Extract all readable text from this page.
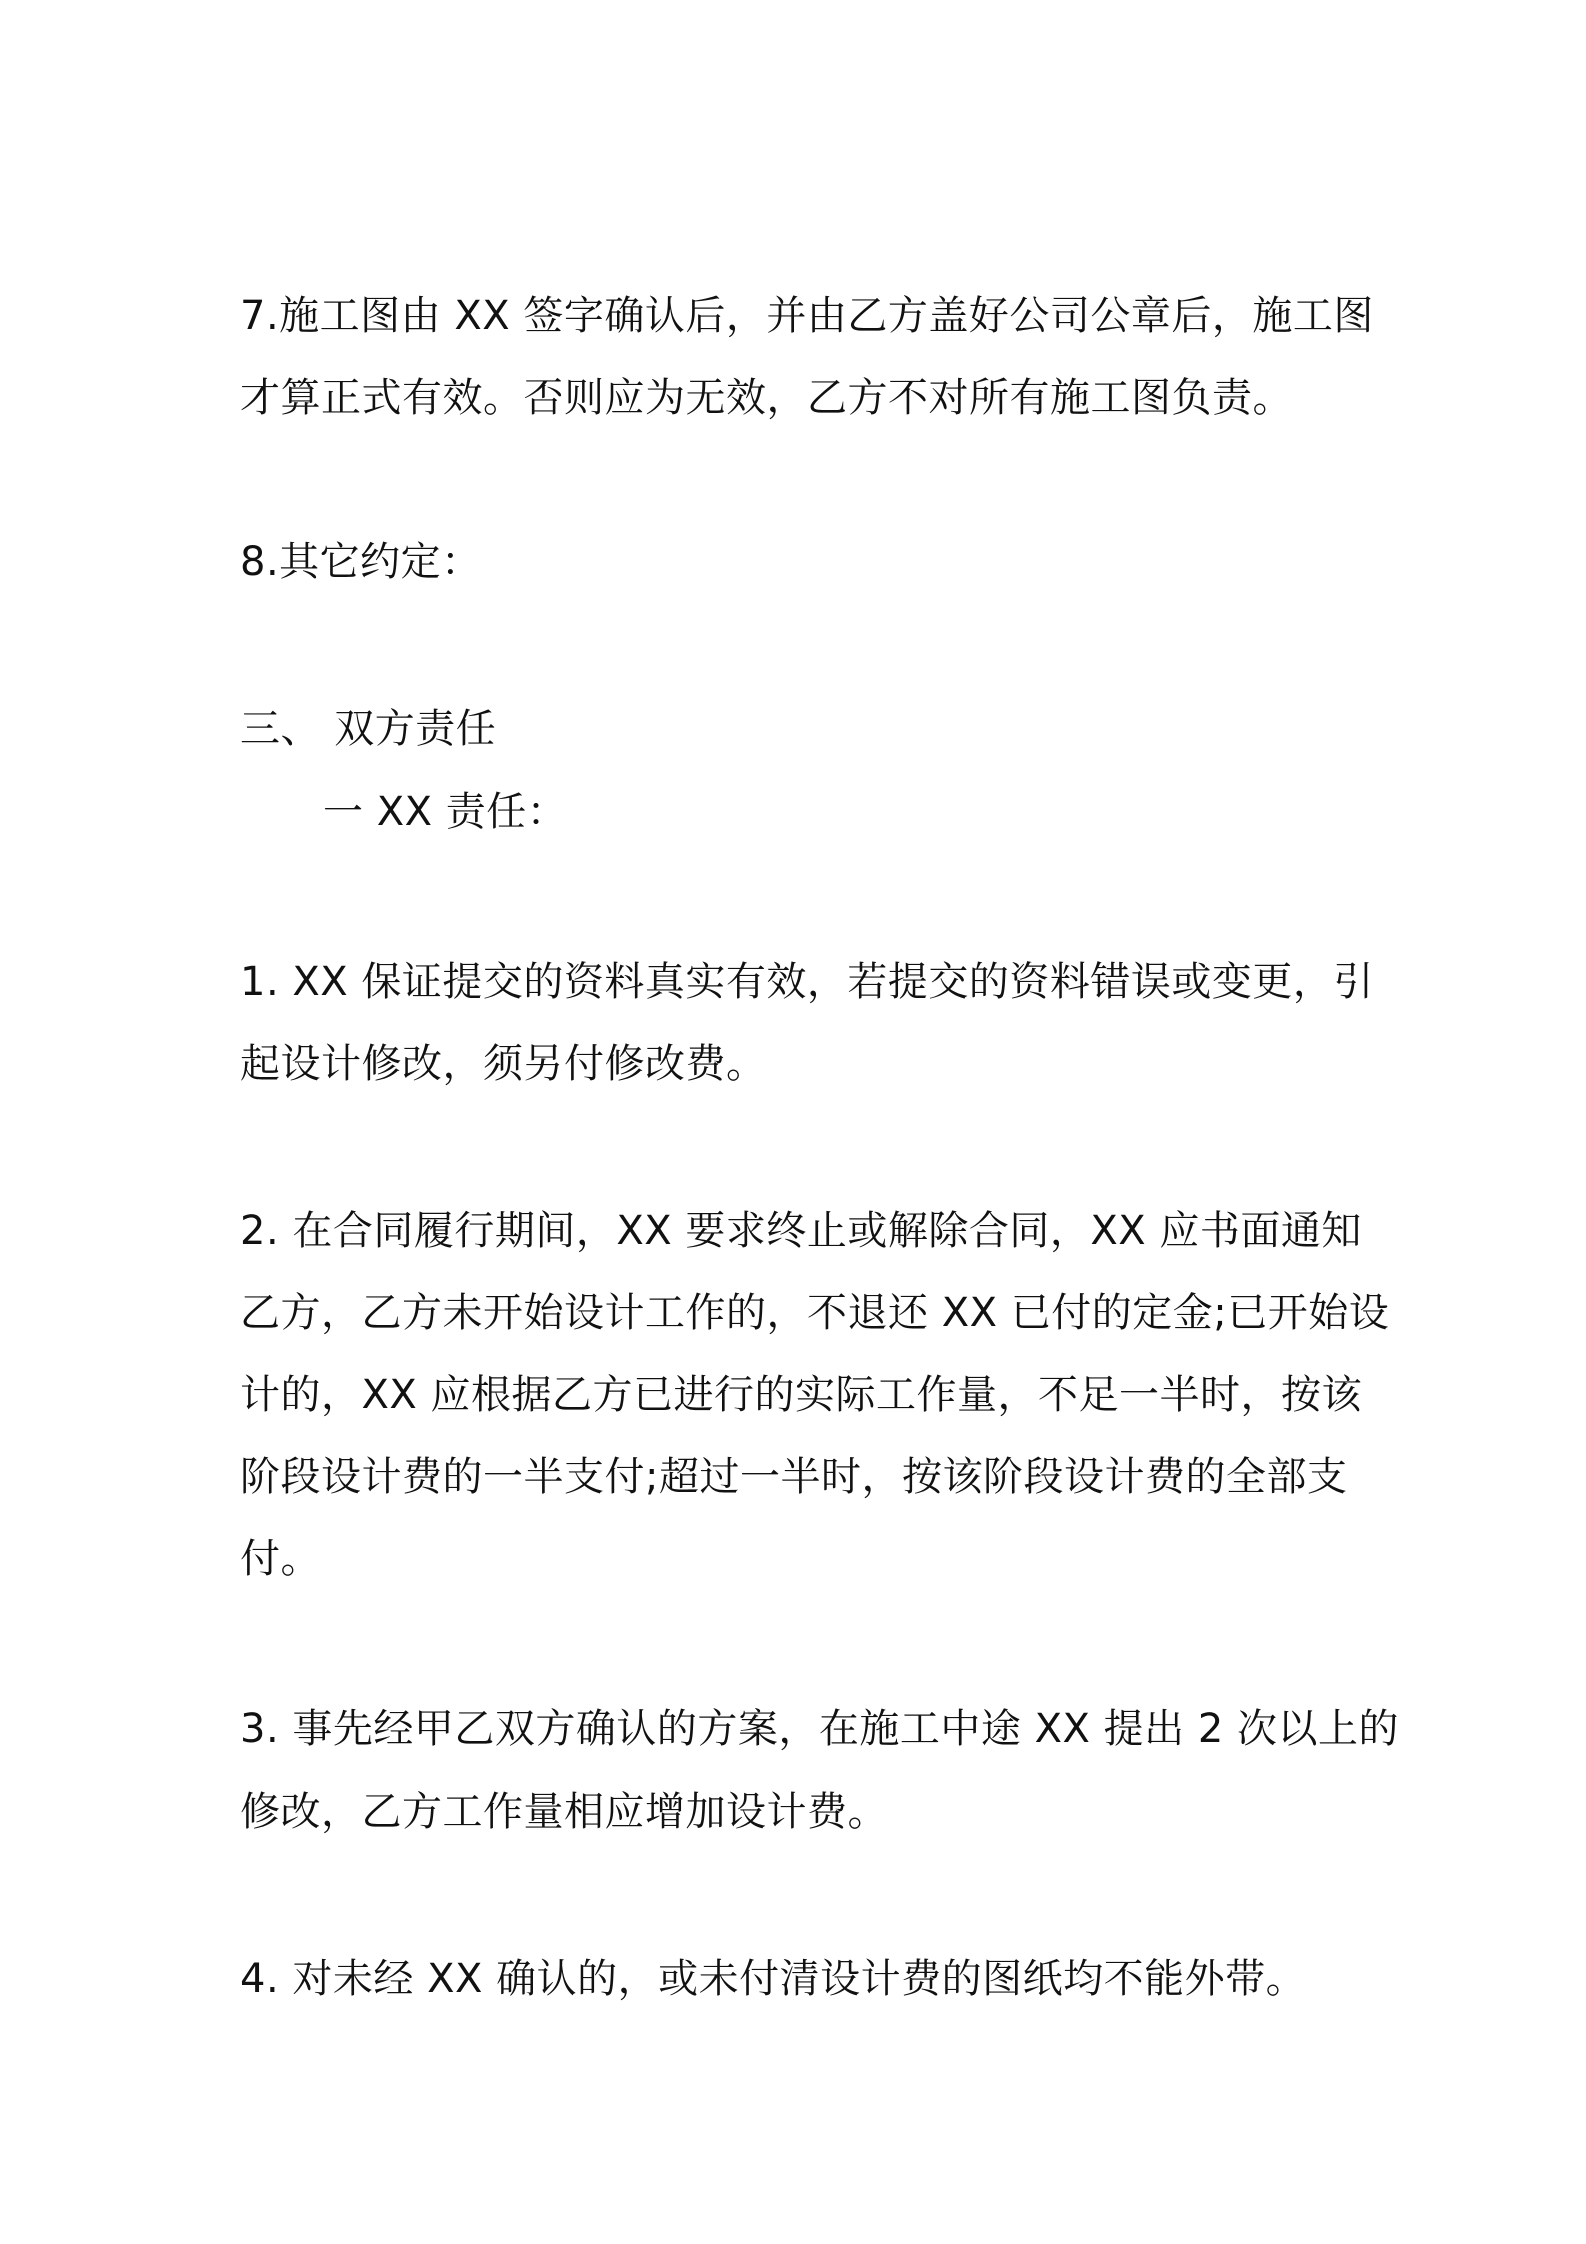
7.施工图由 XX 签字确认后，并由乙方盖好公司公章后，施工图
才算正式有效。否则应为无效，乙方不对所有施工图负责。
8.其它约定：
三、 双方责任
一 XX 责任：
1. XX 保证提交的资料真实有效，若提交的资料错误或变更，引
起设计修改，须另付修改费。
2. 在合同履行期间，XX 要求终止或解除合同，XX 应书面通知
乙方，乙方未开始设计工作的，不退还 XX 已付的定金;已开始设
计的，XX 应根据乙方已进行的实际工作量，不足一半时，按该
阶段设计费的一半支付;超过一半时，按该阶段设计费的全部支
付。
3. 事先经甲乙双方确认的方案，在施工中途 XX 提出 2 次以上的
修改，乙方工作量相应增加设计费。
4. 对未经 XX 确认的，或未付清设计费的图纸均不能外带。
